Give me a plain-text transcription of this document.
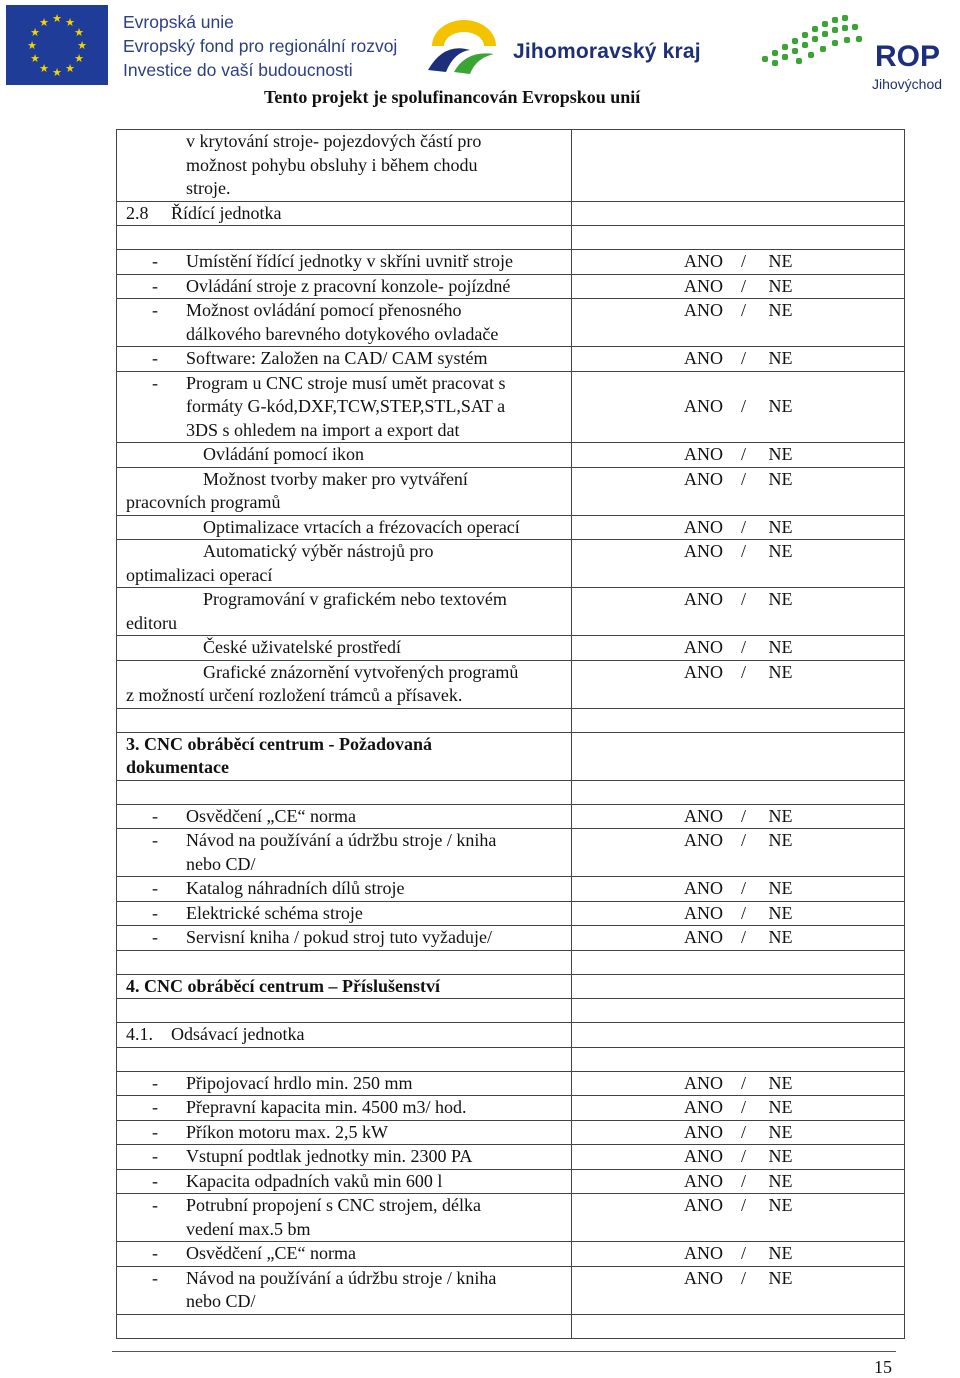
★ ★
★
★
★
★
★
★
★
★
★
★	Evropská unie
Evropský fond pro regionální rozvoj
Investice do vaší budoucnosti
Jihomoravský kraj	ROP
Jihovýchod
Tento projekt je spolufinancován Evropskou unií
v krytování stroje- pojezdových částí pro
možnost pohybu obsluhy i během chodu
stroje.	

2.8 Řídící jednotka	

- Umístění řídící jednotky v skříni uvnitř stroje	ANO / NE

- Ovládání stroje z pracovní konzole- pojízdné	ANO / NE

- Možnost ovládání pomocí přenosného
dálkového barevného dotykového ovladače	ANO / NE

- Software: Založen na CAD/ CAM systém	ANO / NE

- Program u CNC stroje musí umět pracovat s
formáty G-kód,DXF,TCW,STEP,STL,SAT a
3DS s ohledem na import a export dat	ANO / NE

Ovládání pomocí ikon	ANO / NE

Možnost tvorby maker pro vytváření
pracovních programů	ANO / NE

Optimalizace vrtacích a frézovacích operací	ANO / NE

Automatický výběr nástrojů pro
optimalizaci operací	ANO / NE

Programování v grafickém nebo textovém
editoru	ANO / NE

České uživatelské prostředí	ANO / NE

Grafické znázornění vytvořených programů
z možností určení rozložení trámců a přísavek.	ANO / NE

3. CNC obráběcí centrum - Požadovaná
dokumentace	

- Osvědčení „CE“ norma	ANO / NE

- Návod na používání a údržbu stroje / kniha
nebo CD/	ANO / NE

- Katalog náhradních dílů stroje	ANO / NE

- Elektrické schéma stroje	ANO / NE

- Servisní kniha / pokud stroj tuto vyžaduje/	ANO / NE

4. CNC obráběcí centrum – Příslušenství	

4.1. Odsávací jednotka	

- Připojovací hrdlo min. 250 mm	ANO / NE

- Přepravní kapacita min. 4500 m3/ hod.	ANO / NE

- Příkon motoru max. 2,5 kW	ANO / NE

- Vstupní podtlak jednotky min. 2300 PA	ANO / NE

- Kapacita odpadních vaků min 600 l	ANO / NE

- Potrubní propojení s CNC strojem, délka
vedení max.5 bm	ANO / NE

- Osvědčení „CE“ norma	ANO / NE

- Návod na používání a údržbu stroje / kniha
nebo CD/	ANO / NE

15
